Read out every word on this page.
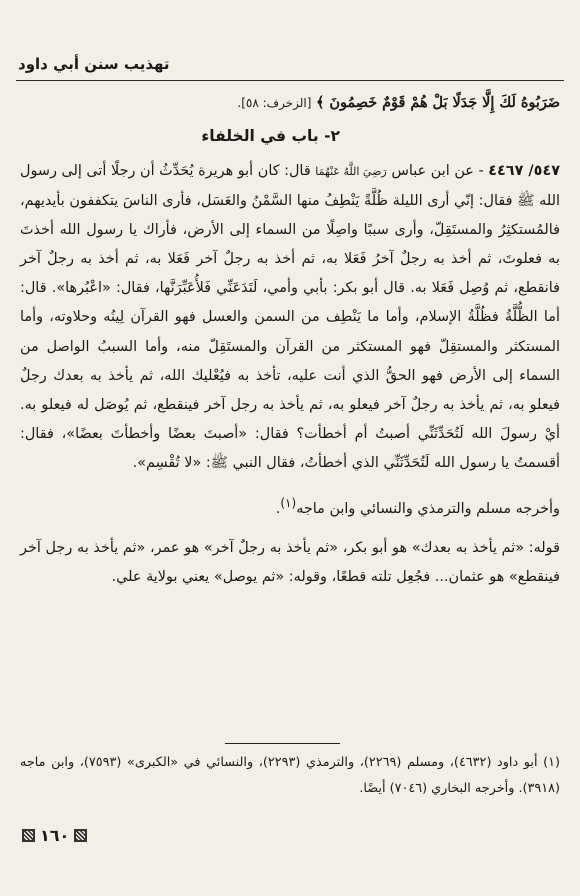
تهذيب سنن أبي داود

ضَرَبُوهُ لَكَ إِلَّا جَدَلًا بَلْ هُمْ قَوْمٌ خَصِمُونَ ﴾ [الزخرف: ٥٨].

٢- باب في الخلفاء

٥٤٧/ ٤٤٦٧ - عن ابن عباس رَضِيَ اللَّهُ عَنْهُمَا قال: كان أبو هريرة يُحَدِّثُ أن رجلًا أتى إلى رسول الله ﷺ فقال: إنّي أرى الليلة ظُلَّةً يَنْطِفُ منها السَّمْنُ والعَسَل، فأرى الناسَ يتكففون بأيديهم، فالمُستكثِرُ والمستَقِلّ، وأرى سببًا واصِلًا من السماء إلى الأرض، فأراك يا رسول الله أخذتَ به فعلوتَ، ثم أخذ به رجلٌ آخرُ فَعَلا به، ثم أخذ به رجلٌ آخر فَعَلا به، ثم أخذ به رجلٌ آخر فانقطع، ثم وُصِل فَعَلا به. قال أبو بكر: بأبي وأمي، لَتَدَعَنِّي فَلأُعَبِّرَنَّها، فقال: «اعْبُرها». قال: أما الظُّلَّةُ فظُلَّةُ الإسلام، وأما ما يَنْطِف من السمن والعسل فهو القرآن لِينُه وحلاوته، وأما المستكثر والمستقِلّ فهو المستكثر من القرآن والمستَقِلّ منه، وأما السببُ الواصل من السماء إلى الأرض فهو الحقُّ الذي أنت عليه، تأخذ به فيُعْليك الله، ثم يأخذ به بعدك رجلٌ فيعلو به، ثم يأخذ به رجلٌ آخر فيعلو به، ثم يأخذ به رجل آخر فينقطع، ثم يُوصَل له فيعلو به. أيْ رسولَ الله لَتُحَدِّثَنِّي أصبتُ أم أخطأت؟ فقال: «أصبتَ بعضًا وأخطأتَ بعضًا»، فقال: أقسمتُ يا رسول الله لَتُحَدِّثَنِّي الذي أخطأتُ، فقال النبي ﷺ: «لا تُقْسِم».

وأخرجه مسلم والترمذي والنسائي وابن ماجه$^{(١)}$.

قوله: «ثم يأخذ به بعدك» هو أبو بكر، «ثم يأخذ به رجلٌ آخر» هو عمر، «ثم يأخذ به رجل آخر فينقطع» هو عثمان... فجُعِل تلته قطعًا، وقوله: «ثم يوصل» يعني بولاية علي.

(١) أبو داود (٤٦٣٢)، ومسلم (٢٢٦٩)، والترمذي (٢٢٩٣)، والنسائي في «الكبرى» (٧٥٩٣)، وابن ماجه (٣٩١٨). وأخرجه البخاري (٧٠٤٦) أيضًا.

١٦٠
